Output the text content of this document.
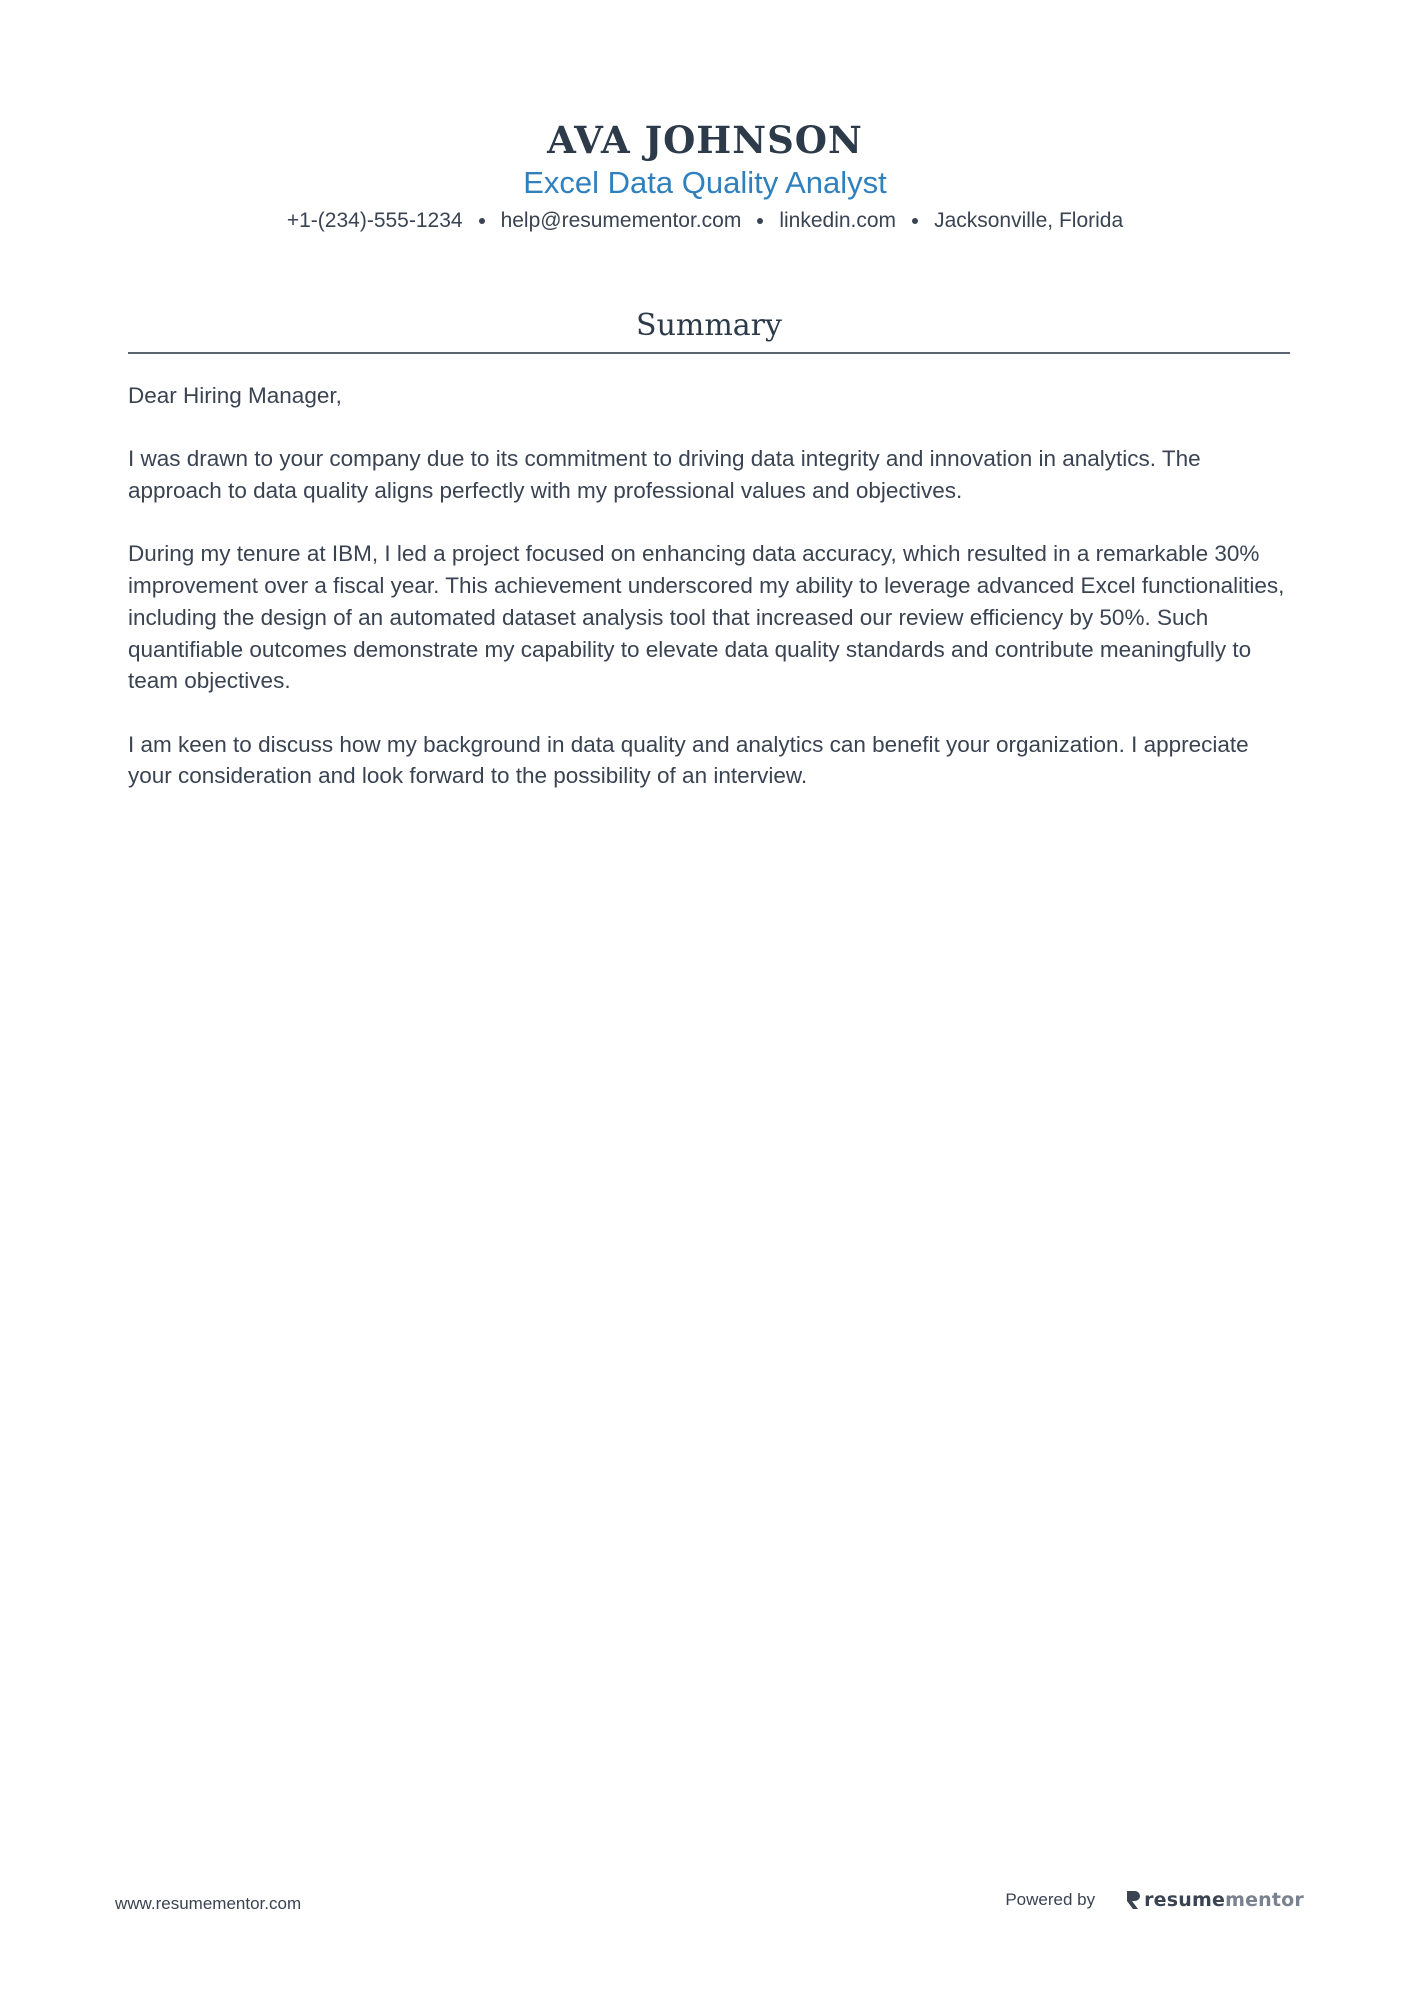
AVA JOHNSON
Excel Data Quality Analyst
+1-(234)-555-1234 help@resumementor.com linkedin.com Jacksonville, Florida
Summary

Dear Hiring Manager,

I was drawn to your company due to its commitment to driving data integrity and innovation in analytics. The approach to data quality aligns perfectly with my professional values and objectives.

During my tenure at IBM, I led a project focused on enhancing data accuracy, which resulted in a remarkable 30% improvement over a fiscal year. This achievement underscored my ability to leverage advanced Excel functionalities, including the design of an automated dataset analysis tool that increased our review efficiency by 50%. Such quantifiable outcomes demonstrate my capability to elevate data quality standards and contribute meaningfully to team objectives.

I am keen to discuss how my background in data quality and analytics can benefit your organization. I appreciate your consideration and look forward to the possibility of an interview.

www.resumementor.com	Powered by	resume mentor
